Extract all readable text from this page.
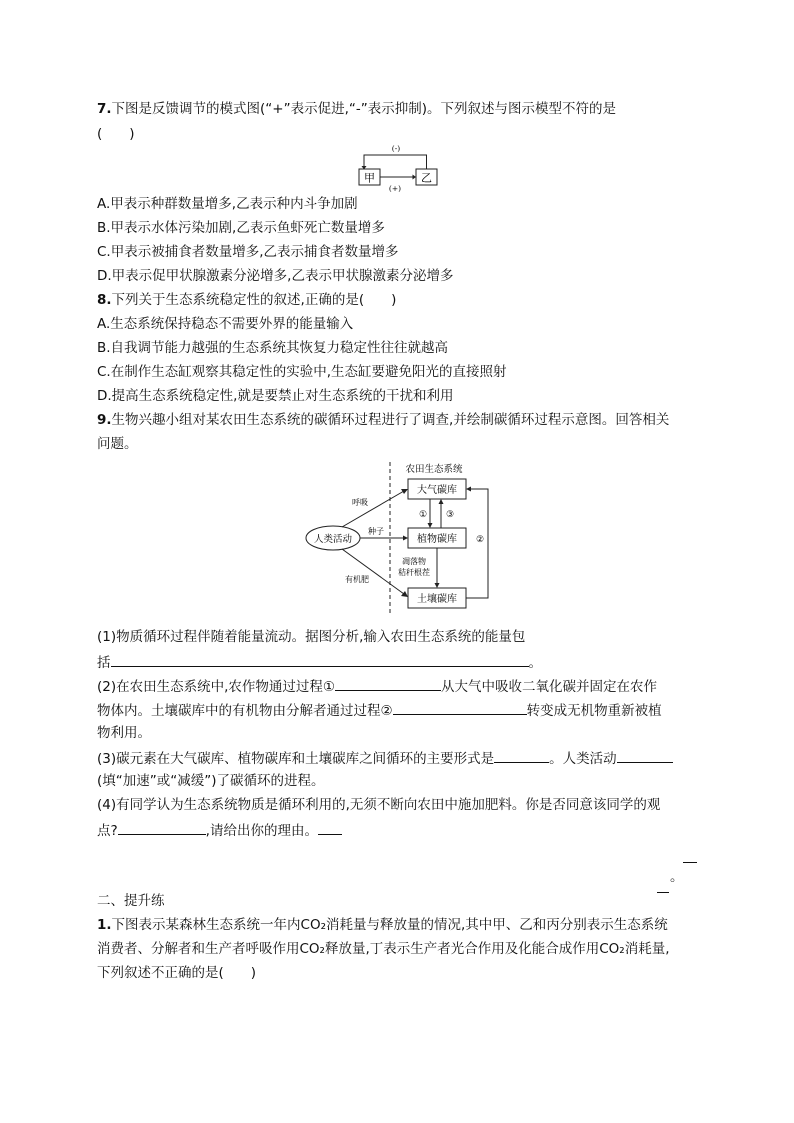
7.下图是反馈调节的模式图(“+”表示促进,“-”表示抑制)。下列叙述与图示模型不符的是
(　　)
甲	乙
(-)
(+)
A.甲表示种群数量增多,乙表示种内斗争加剧
B.甲表示水体污染加剧,乙表示鱼虾死亡数量增多
C.甲表示被捕食者数量增多,乙表示捕食者数量增多
D.甲表示促甲状腺激素分泌增多,乙表示甲状腺激素分泌增多
8.下列关于生态系统稳定性的叙述,正确的是(　　)
A.生态系统保持稳态不需要外界的能量输入
B.自我调节能力越强的生态系统其恢复力稳定性往往就越高
C.在制作生态缸观察其稳定性的实验中,生态缸要避免阳光的直接照射
D.提高生态系统稳定性,就是要禁止对生态系统的干扰和利用
9.生物兴趣小组对某农田生态系统的碳循环过程进行了调查,并绘制碳循环过程示意图。回答相关
问题。
农田生态系统
大气碳库
植物碳库
土壤碳库
人类活动
呼吸
种子
有机肥
① ③
凋落物
秸秆根茬
②
(1)物质循环过程伴随着能量流动。据图分析,输入农田生态系统的能量包
括	。
(2)在农田生态系统中,农作物通过过程①	从大气中吸收二氧化碳并固定在农作
物体内。土壤碳库中的有机物由分解者通过过程②	转变成无机物重新被植
物利用。
(3)碳元素在大气碳库、植物碳库和土壤碳库之间循环的主要形式是	。人类活动
(填“加速”或“减缓”)了碳循环的进程。
(4)有同学认为生态系统物质是循环利用的,无须不断向农田中施加肥料。你是否同意该同学的观
点?	,请给出你的理由。
。
二、提升练
1.下图表示某森林生态系统一年内CO₂消耗量与释放量的情况,其中甲、乙和丙分别表示生态系统
消费者、分解者和生产者呼吸作用CO₂释放量,丁表示生产者光合作用及化能合成作用CO₂消耗量,
下列叙述不正确的是(　　)
